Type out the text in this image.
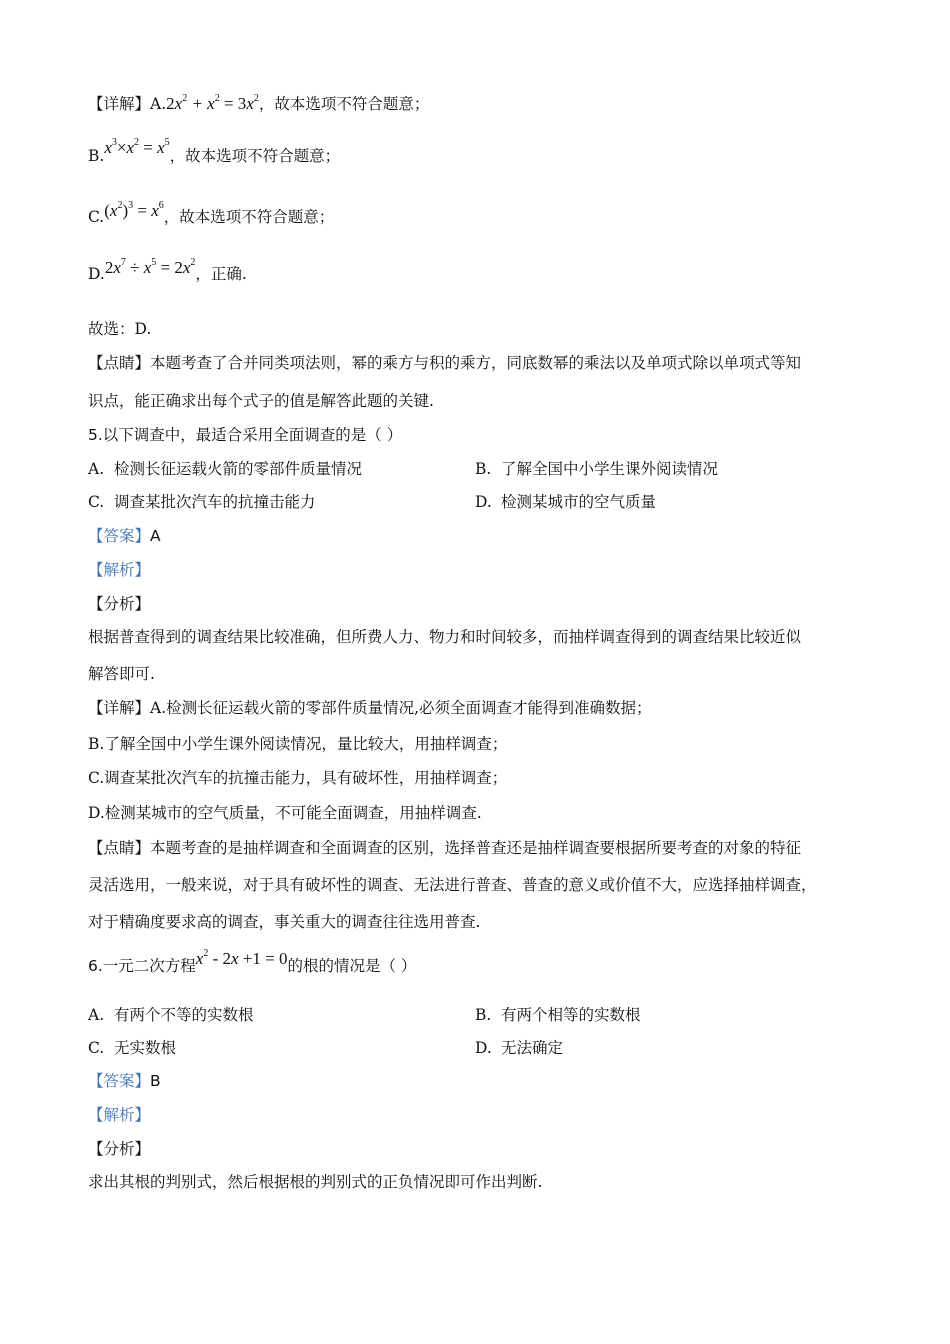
【详解】$A.2x^2 + x^2 = 3x^2$，故本选项不符合题意；
$B.x^3\times x^2 = x^5$，故本选项不符合题意；
$C.(x^2)^3 = x^6$，故本选项不符合题意；
$D.2x^7 \div x^5 = 2x^2$，正确.
故选：D.
【点睛】本题考查了合并同类项法则，幂的乘方与积的乘方，同底数幂的乘法以及单项式除以单项式等知
识点，能正确求出每个式子的值是解答此题的关键.
5.以下调查中，最适合采用全面调查的是（ ）
A. 检测长征运载火箭的零部件质量情况	B. 了解全国中小学生课外阅读情况
C. 调查某批次汽车的抗撞击能力	D. 检测某城市的空气质量
【答案】A
【解析】
【分析】
根据普查得到的调查结果比较准确，但所费人力、物力和时间较多，而抽样调查得到的调查结果比较近似
解答即可.
【详解】A.检测长征运载火箭的零部件质量情况,必须全面调查才能得到准确数据；
B.了解全国中小学生课外阅读情况，量比较大，用抽样调查；
C.调查某批次汽车的抗撞击能力，具有破坏性，用抽样调查；
D.检测某城市的空气质量，不可能全面调查，用抽样调查.
【点睛】本题考查的是抽样调查和全面调查的区别，选择普查还是抽样调查要根据所要考查的对象的特征
灵活选用，一般来说，对于具有破坏性的调查、无法进行普查、普查的意义或价值不大，应选择抽样调查，
对于精确度要求高的调查，事关重大的调查往往选用普查.
6.一元二次方程$x^2 - 2x +1 = 0$的根的情况是（ ）
A. 有两个不等的实数根	B. 有两个相等的实数根
C. 无实数根	D. 无法确定
【答案】B
【解析】
【分析】
求出其根的判别式，然后根据根的判别式的正负情况即可作出判断.
